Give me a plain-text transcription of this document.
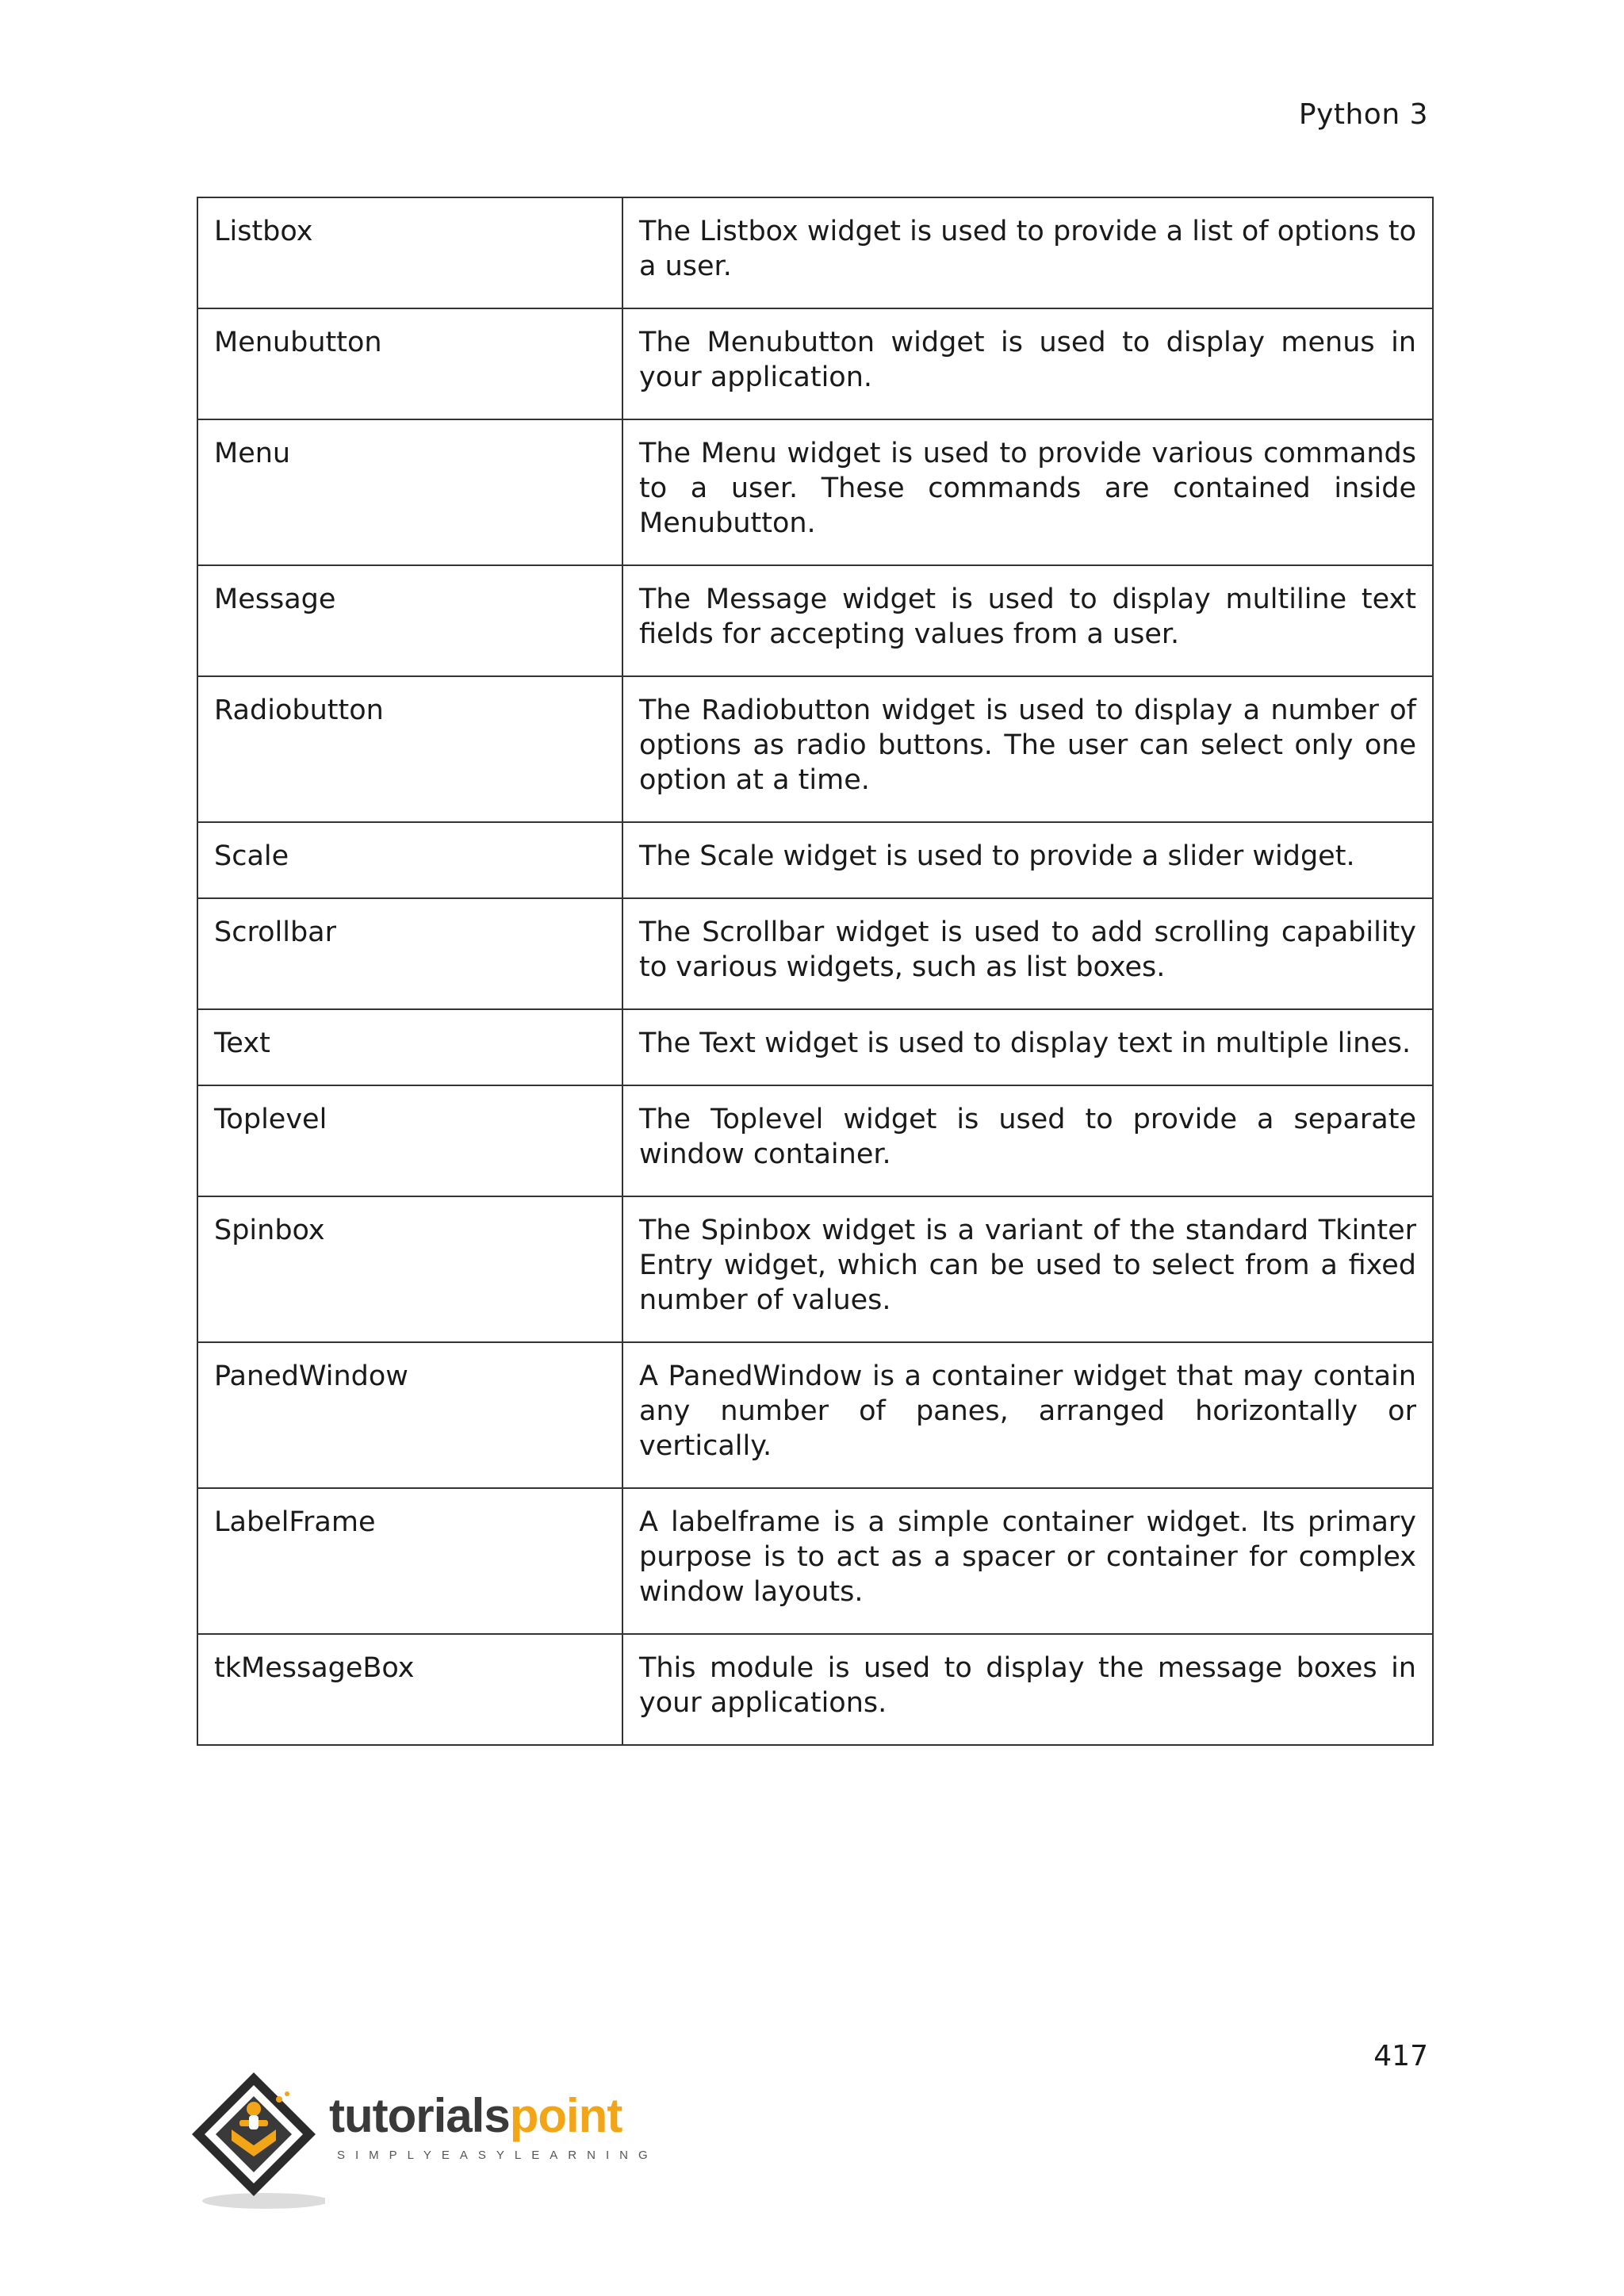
Python 3
Listbox	The Listbox widget is used to provide a list of options to a user.
Menubutton	The Menubutton widget is used to display menus in your application.
Menu	The Menu widget is used to provide various commands to a user. These commands are contained inside Menubutton.
Message	The Message widget is used to display multiline text fields for accepting values from a user.
Radiobutton	The Radiobutton widget is used to display a number of options as radio buttons. The user can select only one option at a time.
Scale	The Scale widget is used to provide a slider widget.
Scrollbar	The Scrollbar widget is used to add scrolling capability to various widgets, such as list boxes.
Text	The Text widget is used to display text in multiple lines.
Toplevel	The Toplevel widget is used to provide a separate window container.
Spinbox	The Spinbox widget is a variant of the standard Tkinter Entry widget, which can be used to select from a fixed number of values.
PanedWindow	A PanedWindow is a container widget that may contain any number of panes, arranged horizontally or vertically.
LabelFrame	A labelframe is a simple container widget. Its primary purpose is to act as a spacer or container for complex window layouts.
tkMessageBox	This module is used to display the message boxes in your applications.
417
tutorialspoint
SIMPLYEASYLEARNING
